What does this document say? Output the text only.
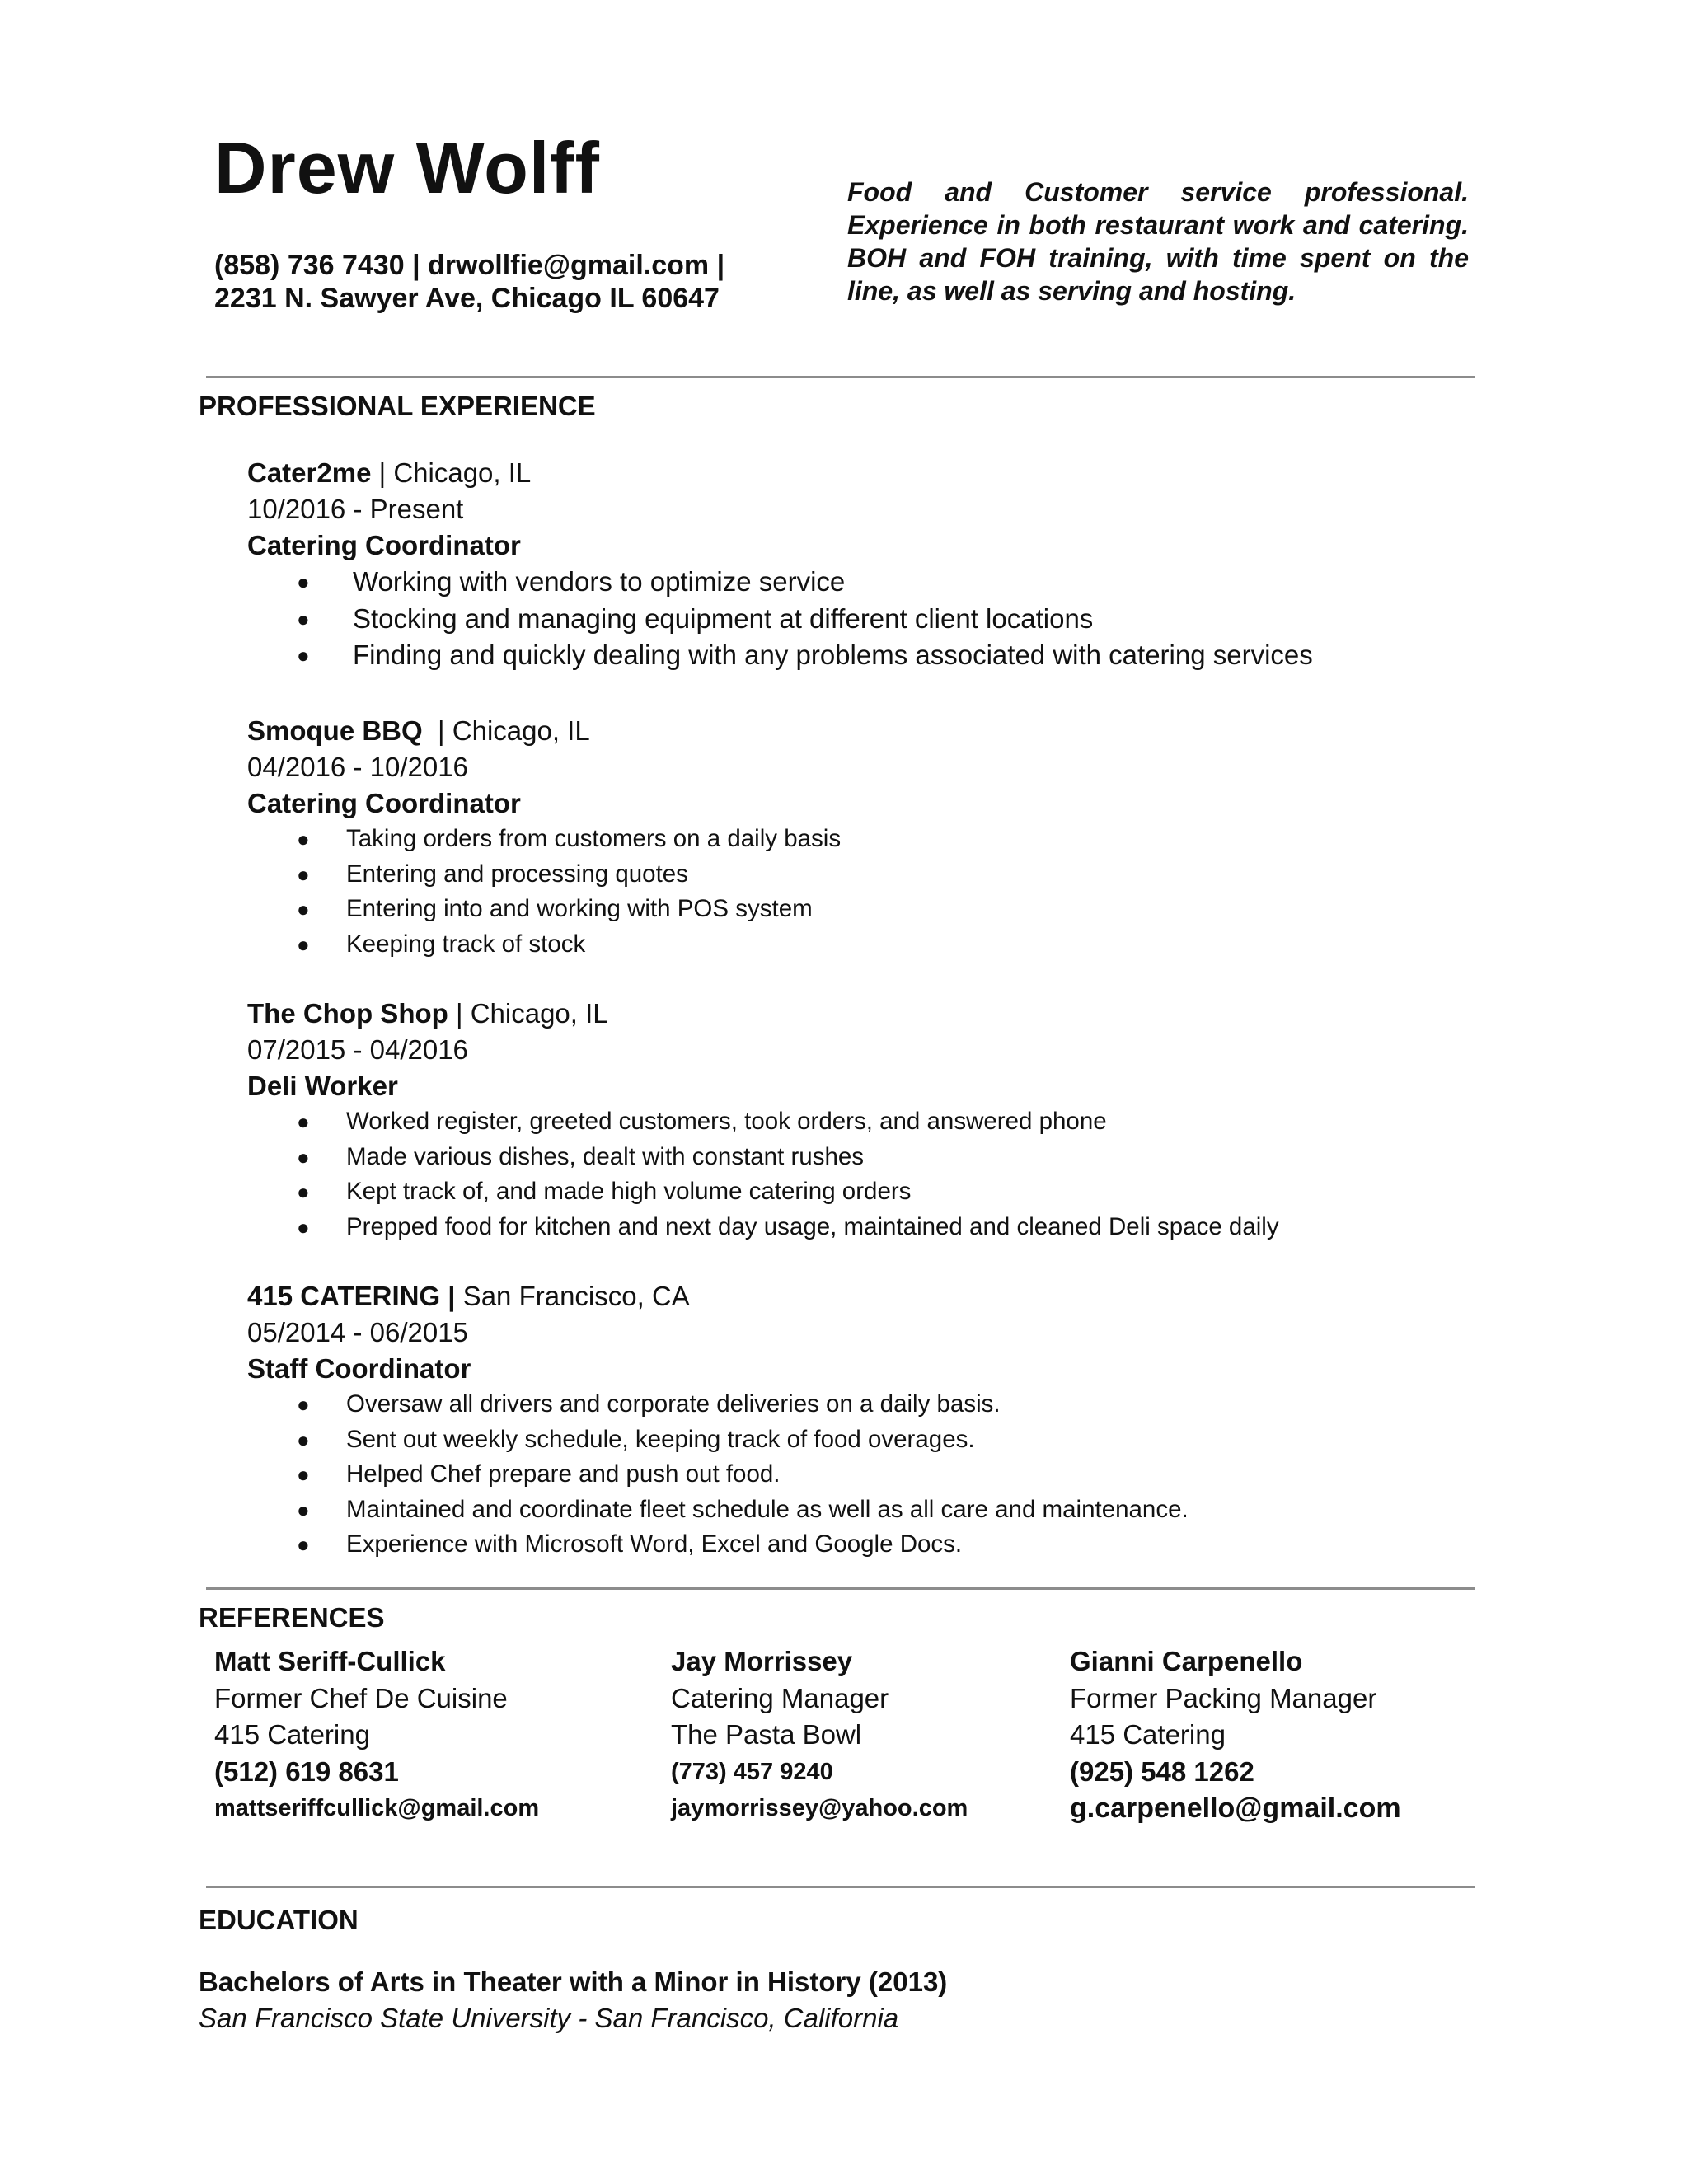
Drew Wolff
(858) 736 7430 | drwollfie@gmail.com |
2231 N. Sawyer Ave, Chicago IL 60647
Food and Customer service professional. Experience in both restaurant work and catering. BOH and FOH training, with time spent on the line, as well as serving and hosting.
PROFESSIONAL EXPERIENCE
Cater2me | Chicago, IL
10/2016 - Present
Catering Coordinator
● Working with vendors to optimize service
● Stocking and managing equipment at different client locations
● Finding and quickly dealing with any problems associated with catering services
Smoque BBQ  | Chicago, IL
04/2016 - 10/2016
Catering Coordinator
● Taking orders from customers on a daily basis
● Entering and processing quotes
● Entering into and working with POS system
● Keeping track of stock
The Chop Shop | Chicago, IL
07/2015 - 04/2016
Deli Worker
● Worked register, greeted customers, took orders, and answered phone
● Made various dishes, dealt with constant rushes
● Kept track of, and made high volume catering orders
● Prepped food for kitchen and next day usage, maintained and cleaned Deli space daily
415 CATERING | San Francisco, CA
05/2014 - 06/2015
Staff Coordinator
● Oversaw all drivers and corporate deliveries on a daily basis.
● Sent out weekly schedule, keeping track of food overages.
● Helped Chef prepare and push out food.
● Maintained and coordinate fleet schedule as well as all care and maintenance.
● Experience with Microsoft Word, Excel and Google Docs.
REFERENCES
Matt Seriff-Cullick
Former Chef De Cuisine
415 Catering
(512) 619 8631
mattseriffcullick@gmail.com
Jay Morrissey
Catering Manager
The Pasta Bowl
(773) 457 9240
jaymorrissey@yahoo.com
Gianni Carpenello
Former Packing Manager
415 Catering
(925) 548 1262
g.carpenello@gmail.com
EDUCATION
Bachelors of Arts in Theater with a Minor in History (2013)
San Francisco State University - San Francisco, California
